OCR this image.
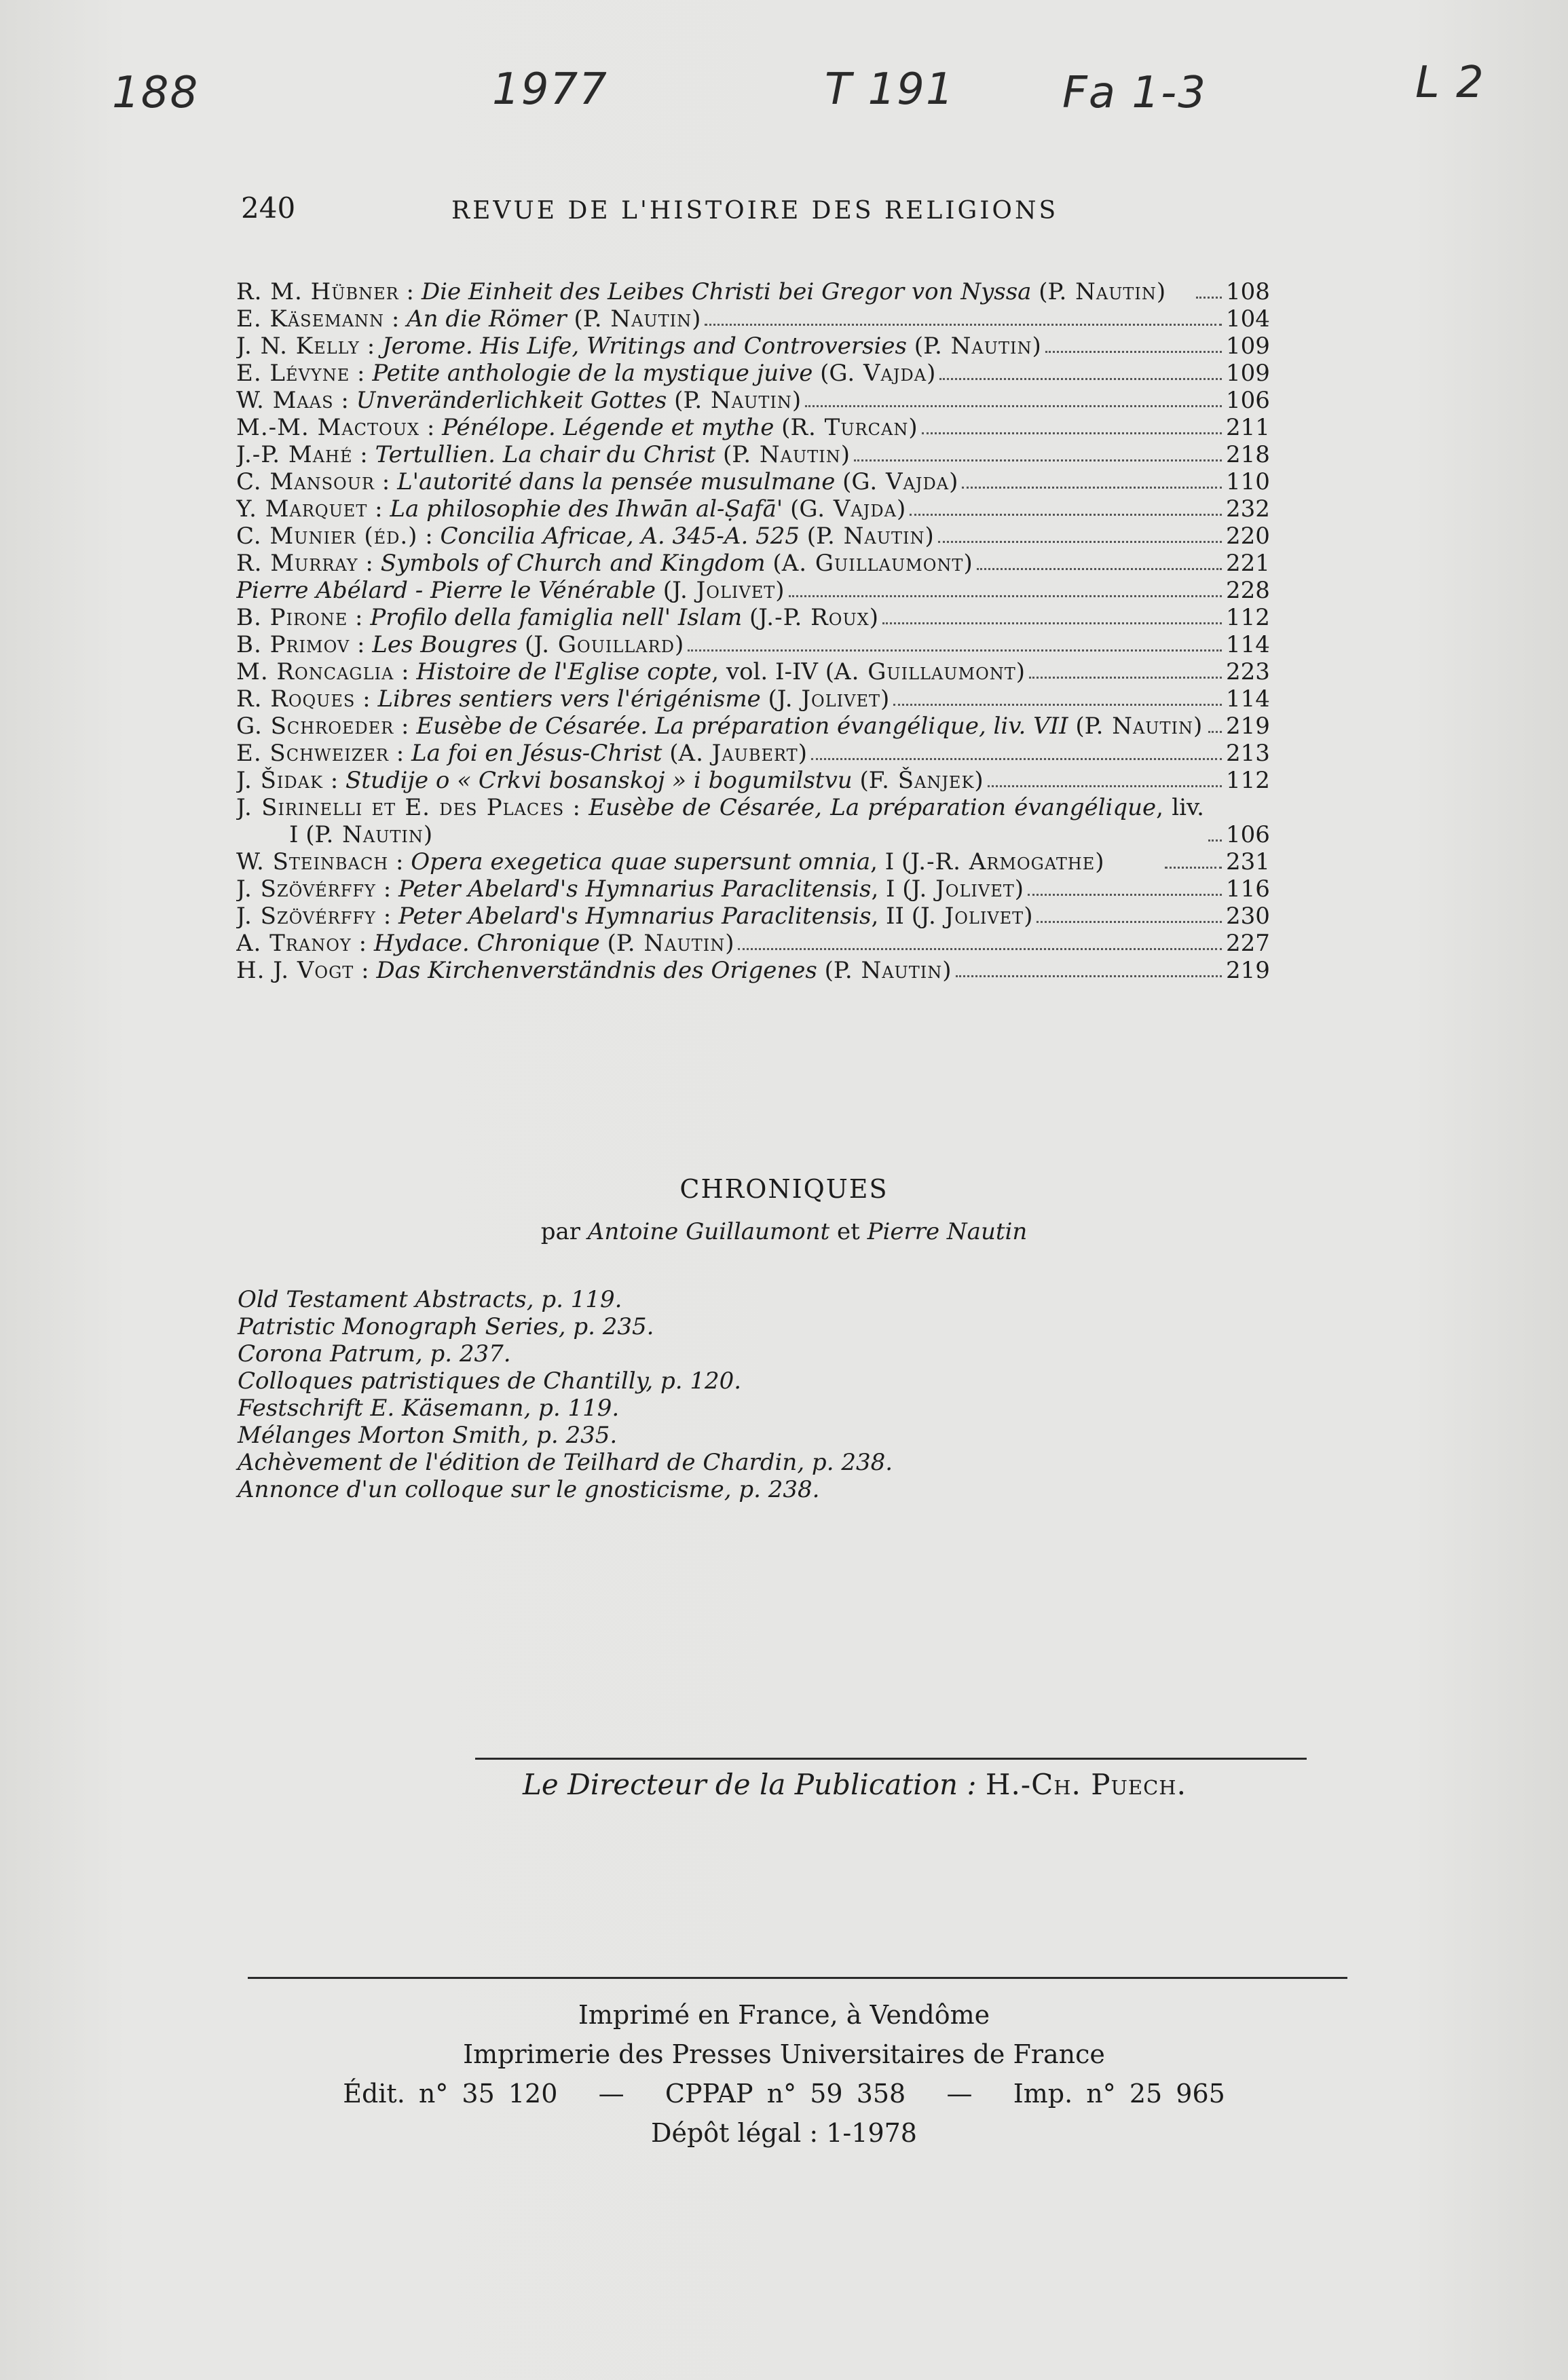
188	1977	T 191 Fa 1-3	L 2
240	REVUE DE L'HISTOIRE DES RELIGIONS
R. M. Hübner : Die Einheit des Leibes Christi bei Gregor von Nyssa (P. Nautin)	108
E. Käsemann : An die Römer (P. Nautin)	104
J. N. Kelly : Jerome. His Life, Writings and Controversies (P. Nautin)	109
E. Lévyne : Petite anthologie de la mystique juive (G. Vajda)	109
W. Maas : Unveränderlichkeit Gottes (P. Nautin)	106
M.-M. Mactoux : Pénélope. Légende et mythe (R. Turcan)	211
J.-P. Mahé : Tertullien. La chair du Christ (P. Nautin)	218
C. Mansour : L'autorité dans la pensée musulmane (G. Vajda)	110
Y. Marquet : La philosophie des Ihwān al-Ṣafā' (G. Vajda)	232
C. Munier (éd.) : Concilia Africae, A. 345-A. 525 (P. Nautin)	220
R. Murray : Symbols of Church and Kingdom (A. Guillaumont)	221
Pierre Abélard - Pierre le Vénérable (J. Jolivet)	228
B. Pirone : Profilo della famiglia nell' Islam (J.-P. Roux)	112
B. Primov : Les Bougres (J. Gouillard)	114
M. Roncaglia : Histoire de l'Eglise copte, vol. I-IV (A. Guillaumont)	223
R. Roques : Libres sentiers vers l'érigénisme (J. Jolivet)	114
G. Schroeder : Eusèbe de Césarée. La préparation évangélique, liv. VII (P. Nautin) 219
E. Schweizer : La foi en Jésus-Christ (A. Jaubert)	213
J. Šidak : Studije o « Crkvi bosanskoj » i bogumilstvu (F. Šanjek)	112
J. Sirinelli et E. des Places : Eusèbe de Césarée, La préparation évangélique, liv. I (P. Nautin)	106
W. Steinbach : Opera exegetica quae supersunt omnia, I (J.-R. Armogathe)	231
J. Szövérffy : Peter Abelard's Hymnarius Paraclitensis, I (J. Jolivet)	116
J. Szövérffy : Peter Abelard's Hymnarius Paraclitensis, II (J. Jolivet)	230
A. Tranoy : Hydace. Chronique (P. Nautin)	227
H. J. Vogt : Das Kirchenverständnis des Origenes (P. Nautin)	219
CHRONIQUES
par Antoine Guillaumont et Pierre Nautin
Old Testament Abstracts, p. 119.
Patristic Monograph Series, p. 235.
Corona Patrum, p. 237.
Colloques patristiques de Chantilly, p. 120.
Festschrift E. Käsemann, p. 119.
Mélanges Morton Smith, p. 235.
Achèvement de l'édition de Teilhard de Chardin, p. 238.
Annonce d'un colloque sur le gnosticisme, p. 238.
Le Directeur de la Publication : H.-Ch. Puech.
Imprimé en France, à Vendôme
Imprimerie des Presses Universitaires de France
Édit. n° 35 120   —   CPPAP n° 59 358   —   Imp. n° 25 965
Dépôt légal : 1-1978
